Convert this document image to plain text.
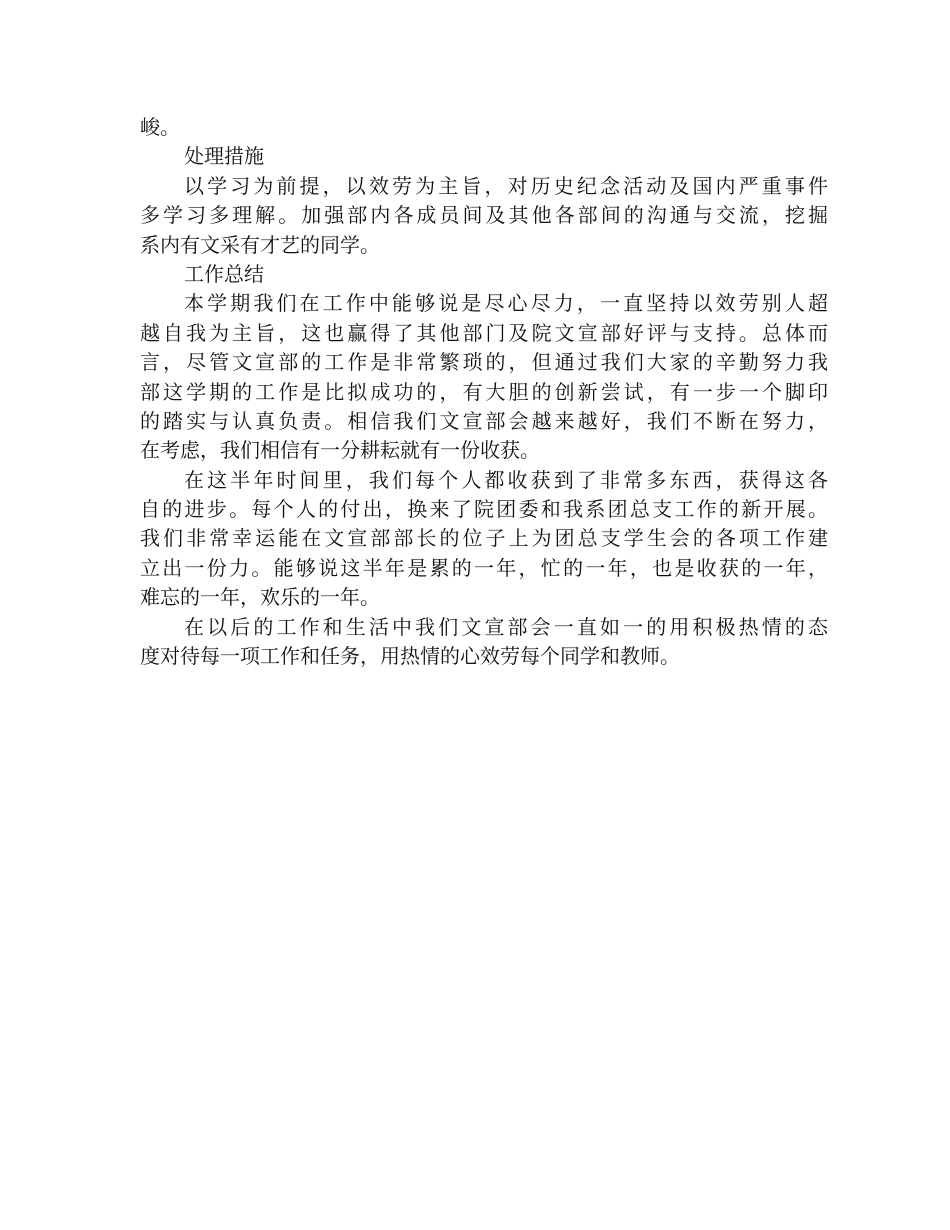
峻。
处理措施
以学习为前提，以效劳为主旨，对历史纪念活动及国内严重事件
多学习多理解。加强部内各成员间及其他各部间的沟通与交流，挖掘
系内有文采有才艺的同学。
工作总结
本学期我们在工作中能够说是尽心尽力，一直坚持以效劳别人超
越自我为主旨，这也赢得了其他部门及院文宣部好评与支持。总体而
言，尽管文宣部的工作是非常繁琐的，但通过我们大家的辛勤努力我
部这学期的工作是比拟成功的，有大胆的创新尝试，有一步一个脚印
的踏实与认真负责。相信我们文宣部会越来越好，我们不断在努力，
在考虑，我们相信有一分耕耘就有一份收获。
在这半年时间里，我们每个人都收获到了非常多东西，获得这各
自的进步。每个人的付出，换来了院团委和我系团总支工作的新开展。
我们非常幸运能在文宣部部长的位子上为团总支学生会的各项工作建
立出一份力。能够说这半年是累的一年，忙的一年，也是收获的一年，
难忘的一年，欢乐的一年。
在以后的工作和生活中我们文宣部会一直如一的用积极热情的态
度对待每一项工作和任务，用热情的心效劳每个同学和教师。
